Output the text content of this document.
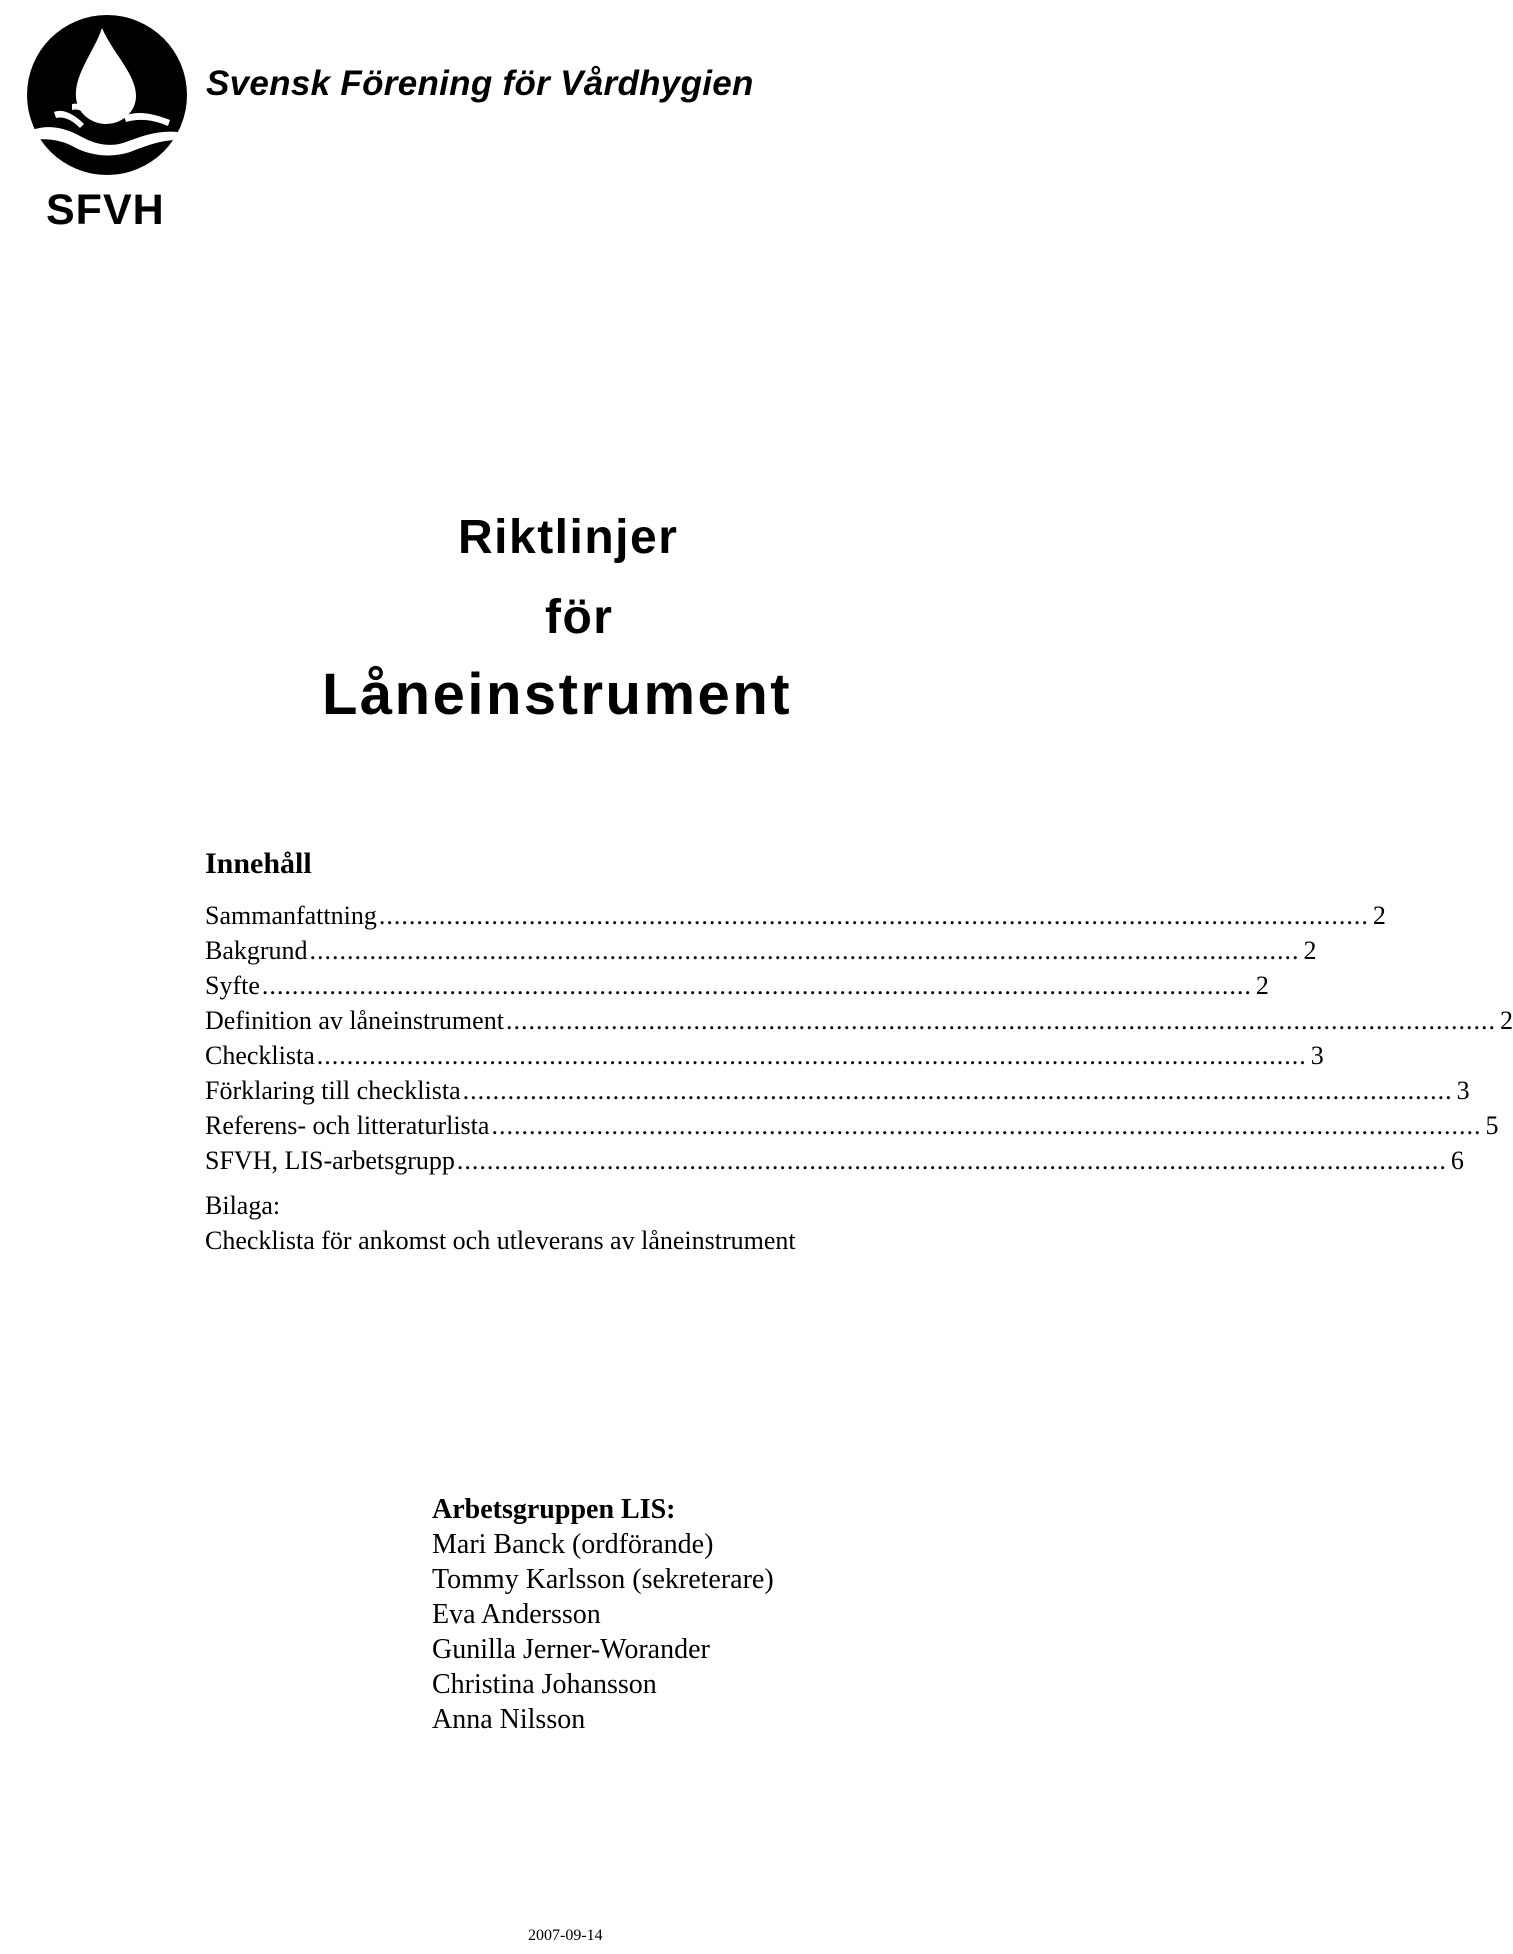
SFVH
Svensk Förening för Vårdhygien
Riktlinjer
för
Låneinstrument
Innehåll
Sammanfattning .................................................................................................................................... 2
Bakgrund .................................................................................................................................... 2
Syfte .................................................................................................................................... 2
Definition av låneinstrument .................................................................................................................................... 2
Checklista .................................................................................................................................... 3
Förklaring till checklista .................................................................................................................................... 3
Referens- och litteraturlista .................................................................................................................................... 5
SFVH, LIS-arbetsgrupp .................................................................................................................................... 6
Bilaga:
Checklista för ankomst och utleverans av låneinstrument
Arbetsgruppen LIS:
Mari Banck (ordförande)
Tommy Karlsson (sekreterare)
Eva Andersson
Gunilla Jerner-Worander
Christina Johansson
Anna Nilsson
2007-09-14
